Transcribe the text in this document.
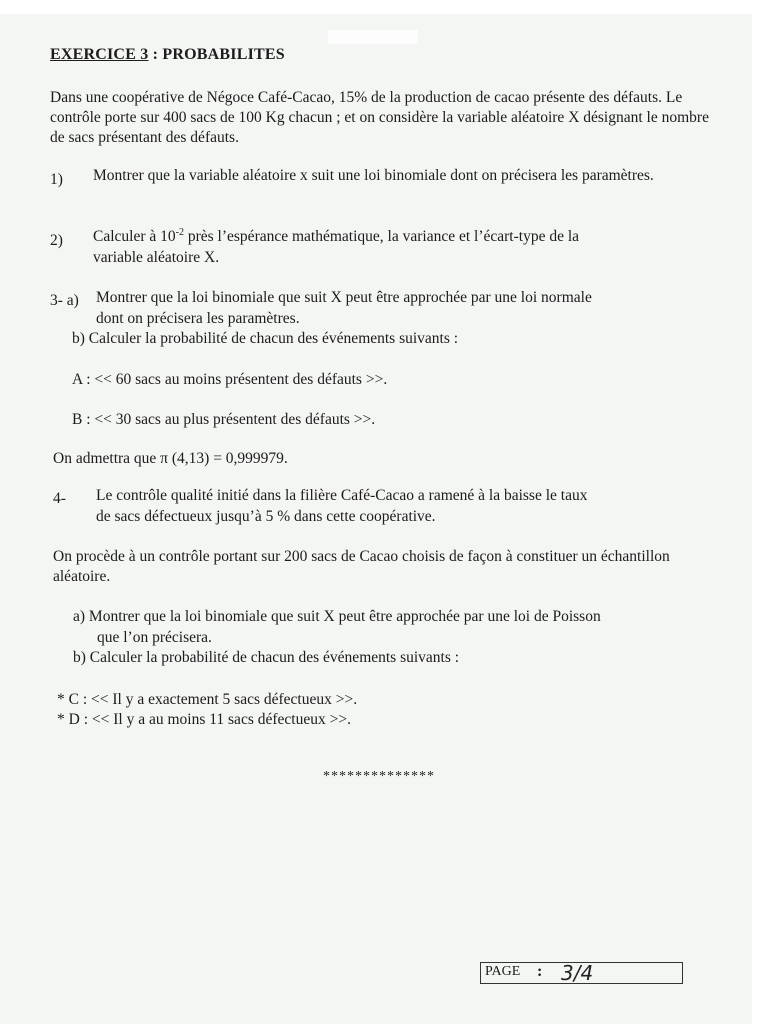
EXERCICE 3 : PROBABILITES
Dans une coopérative de Négoce Café-Cacao, 15% de la production de cacao présente des défauts. Le contrôle porte sur 400 sacs de 100 Kg chacun ; et on considère la variable aléatoire X désignant le nombre de sacs présentant des défauts.
1) Montrer que la variable aléatoire x suit une loi binomiale dont on précisera les paramètres.
2) Calculer à $10^{-2}$ près l’espérance mathématique, la variance et l’écart-type de la
variable aléatoire X.
3- a) Montrer que la loi binomiale que suit X peut être approchée par une loi normale
dont on précisera les paramètres.
b) Calculer la probabilité de chacun des événements suivants :
A : << 60 sacs au moins présentent des défauts >>.
B : << 30 sacs au plus présentent des défauts >>.
On admettra que π (4,13) = 0,999979.
4- Le contrôle qualité initié dans la filière Café-Cacao a ramené à la baisse le taux
de sacs défectueux jusqu’à 5 % dans cette coopérative.
On procède à un contrôle portant sur 200 sacs de Cacao choisis de façon à constituer un échantillon aléatoire.
a) Montrer que la loi binomiale que suit X peut être approchée par une loi de Poisson
que l’on précisera.
b) Calculer la probabilité de chacun des événements suivants :
* C : << Il y a exactement 5 sacs défectueux >>.
* D : << Il y a au moins 11 sacs défectueux >>.
**************
PAGE : 3/4
